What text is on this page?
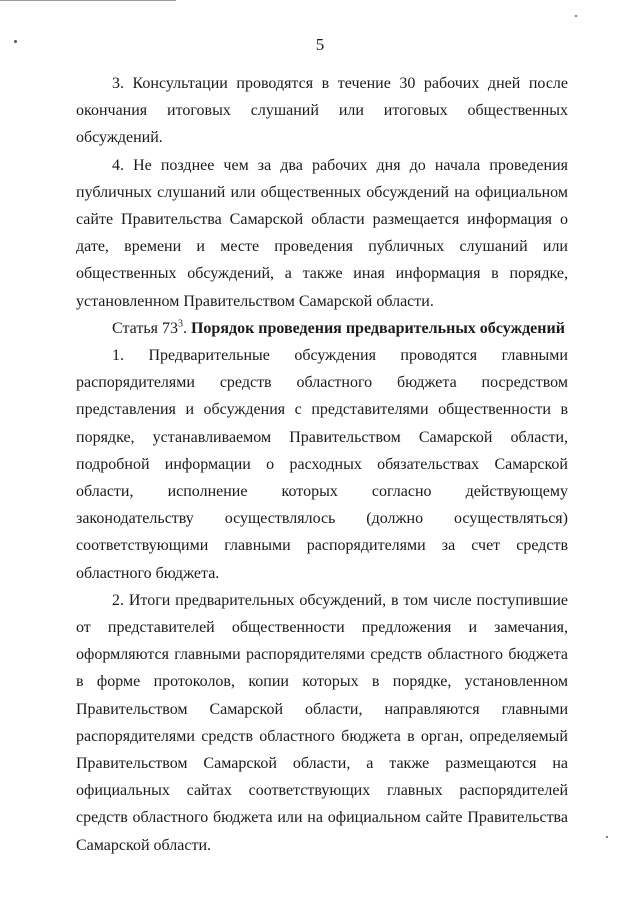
5

3. Консультации проводятся в течение 30 рабочих дней после окончания итоговых слушаний или итоговых общественных обсуждений.

4. Не позднее чем за два рабочих дня до начала проведения публичных слушаний или общественных обсуждений на официальном сайте Правительства Самарской области размещается информация о дате, времени и месте проведения публичных слушаний или общественных обсуждений, а также иная информация в порядке, установленном Правительством Самарской области.

Статья $73^3$. Порядок проведения предварительных обсуждений

1. Предварительные обсуждения проводятся главными распорядителями средств областного бюджета посредством представления и обсуждения с представителями общественности в порядке, устанавливаемом Правительством Самарской области, подробной информации о расходных обязательствах Самарской области, исполнение которых согласно действующему законодательству осуществлялось (должно осуществляться) соответствующими главными распорядителями за счет средств областного бюджета.

2. Итоги предварительных обсуждений, в том числе поступившие от представителей общественности предложения и замечания, оформляются главными распорядителями средств областного бюджета в форме протоколов, копии которых в порядке, установленном Правительством Самарской области, направляются главными распорядителями средств областного бюджета в орган, определяемый Правительством Самарской области, а также размещаются на официальных сайтах соответствующих главных распорядителей средств областного бюджета или на официальном сайте Правительства Самарской области.
